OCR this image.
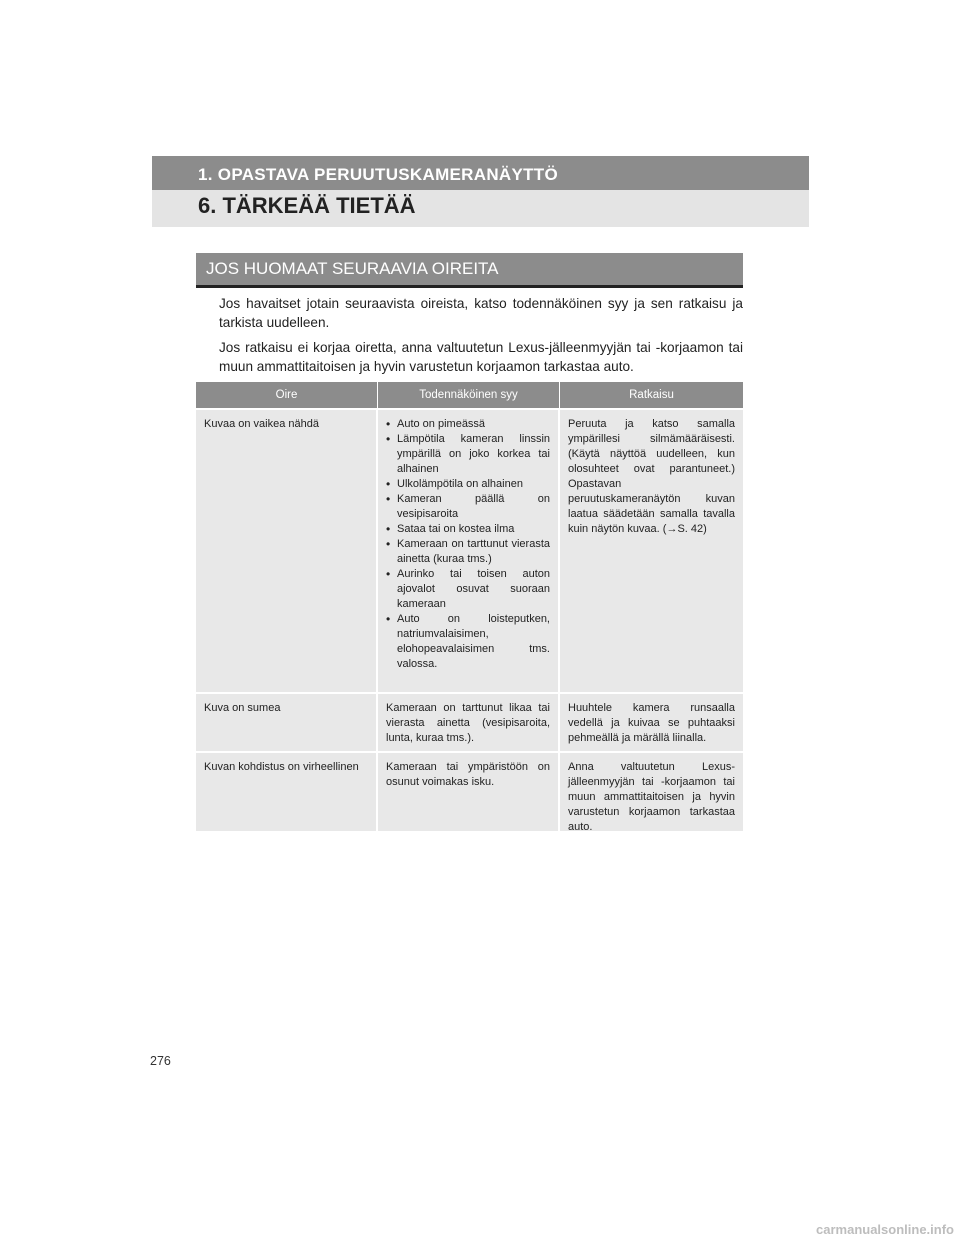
1. OPASTAVA PERUUTUSKAMERANÄYTTÖ
6. TÄRKEÄÄ TIETÄÄ
JOS HUOMAAT SEURAAVIA OIREITA

Jos havaitset jotain seuraavista oireista, katso todennäköinen syy ja sen ratkaisu ja tarkista uudelleen.

Jos ratkaisu ei korjaa oiretta, anna valtuutetun Lexus-jälleenmyyjän tai -korjaamon tai muun ammattitaitoisen ja hyvin varustetun korjaamon tarkastaa auto.

Oire	Todennäköinen syy	Ratkaisu
Kuvaa on vaikea nähdä
•	Auto on pimeässä
• Lämpötila kameran linssin ympärillä on joko korkea tai alhainen
• Ulkolämpötila on alhainen
• Kameran päällä on vesipisaroita
• Sataa tai on kostea ilma
• Kameraan on tarttunut vierasta ainetta (kuraa tms.)
• Aurinko tai toisen auton ajovalot osuvat suoraan kameraan
• Auto on loisteputken, natriumvalaisimen, elohopeavalaisimen tms. valossa.
Peruuta ja katso samalla ympärillesi silmämääräisesti. (Käytä näyttöä uudelleen, kun olosuhteet ovat parantuneet.) Opastavan peruutuskameranäytön kuvan laatua säädetään samalla tavalla kuin näytön kuvaa. (→S. 42)
Kuva on sumea	Kameraan on tarttunut likaa tai vierasta ainetta (vesipisaroita, lunta, kuraa tms.).
Huuhtele kamera runsaalla vedellä ja kuivaa se puhtaaksi pehmeällä ja märällä liinalla.
Kuvan kohdistus on virheellinen	Kameraan tai ympäristöön on osunut voimakas isku.
Anna valtuutetun Lexus-jälleenmyyjän tai -korjaamon tai muun ammattitaitoisen ja hyvin varustetun korjaamon tarkastaa auto.
276
carmanualsonline.info
